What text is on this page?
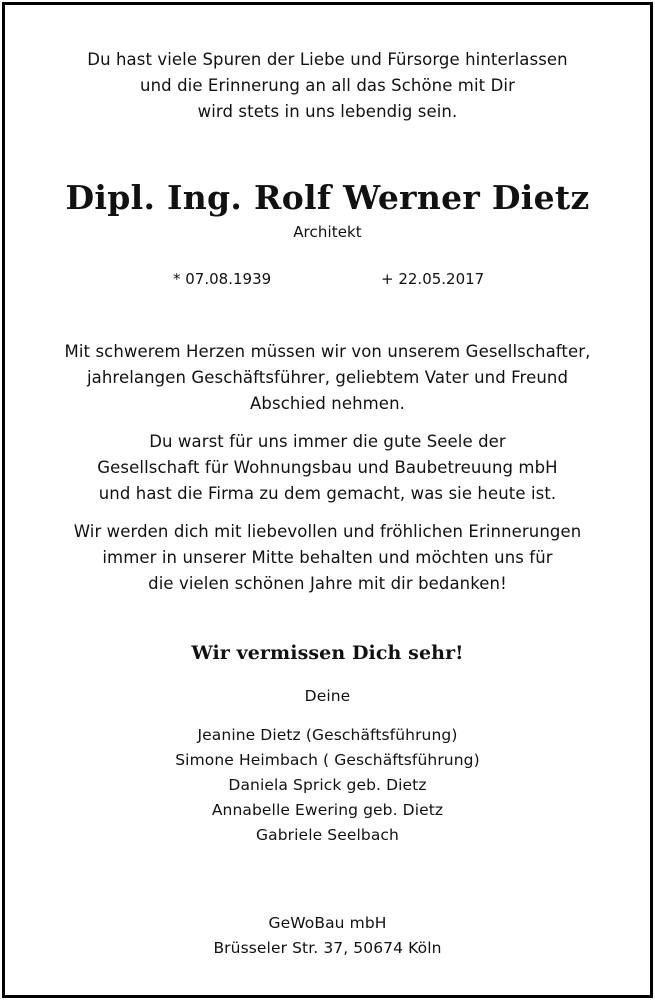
Du hast viele Spuren der Liebe und Fürsorge hinterlassen
und die Erinnerung an all das Schöne mit Dir
wird stets in uns lebendig sein.
Dipl. Ing. Rolf Werner Dietz
Architekt
* 07.08.1939	+ 22.05.2017
Mit schwerem Herzen müssen wir von unserem Gesellschafter,
jahrelangen Geschäftsführer, geliebtem Vater und Freund
Abschied nehmen.
Du warst für uns immer die gute Seele der
Gesellschaft für Wohnungsbau und Baubetreuung mbH
und hast die Firma zu dem gemacht, was sie heute ist.
Wir werden dich mit liebevollen und fröhlichen Erinnerungen
immer in unserer Mitte behalten und möchten uns für
die vielen schönen Jahre mit dir bedanken!
Wir vermissen Dich sehr!
Deine
Jeanine Dietz (Geschäftsführung)
Simone Heimbach ( Geschäftsführung)
Daniela Sprick geb. Dietz
Annabelle Ewering geb. Dietz
Gabriele Seelbach
GeWoBau mbH
Brüsseler Str. 37, 50674 Köln
